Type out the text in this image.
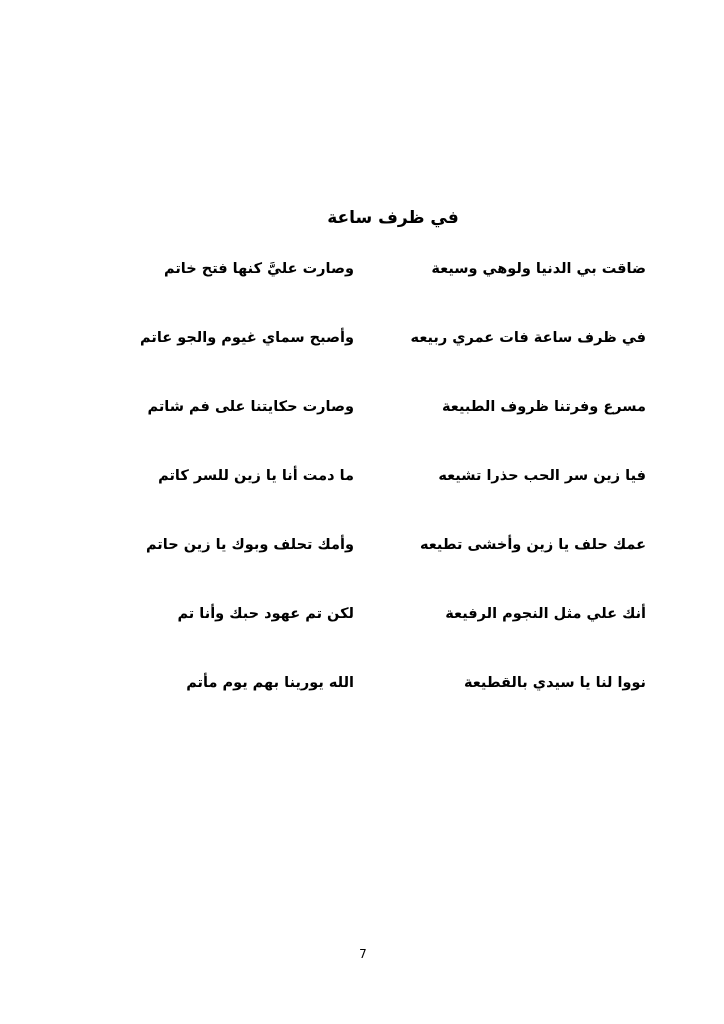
في ظرف ساعة
ضاقت بي الدنيا ولوهي وسيعة
وصارت عليَّ كنها فتح خاتم
في ظرف ساعة فات عمري ربيعه
وأصبح سماي غيوم والجو عاتم
مسرع وفرتنا ظروف الطبيعة
وصارت حكايتنا على فم شاتم
فيا زين سر الحب حذرا تشيعه
ما دمت أنا يا زين للسر كاتم
عمك حلف يا زين وأخشى تطيعه
وأمك تحلف وبوك يا زين حاتم
أنك علي مثل النجوم الرفيعة
لكن تم عهود حبك وأنا تم
نووا لنا يا سيدي بالقطيعة
الله يورينا بهم يوم مأتم
7
